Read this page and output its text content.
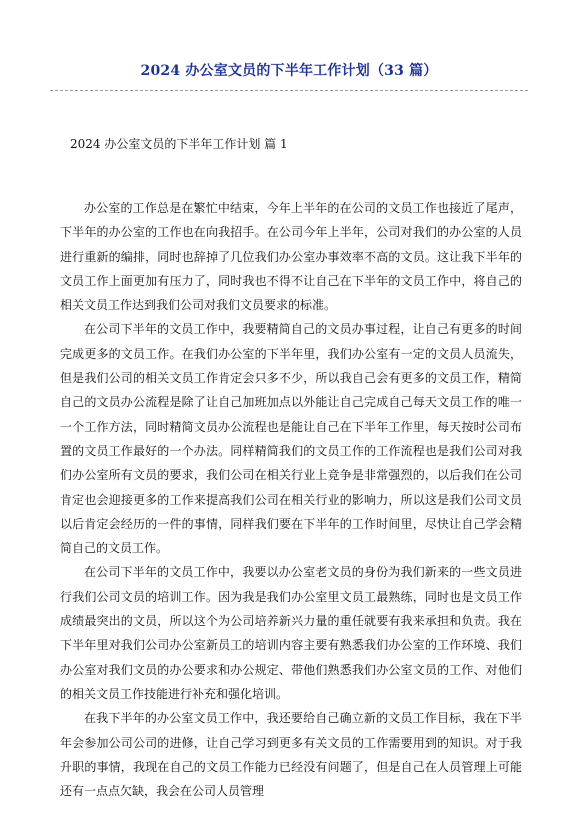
2024 办公室文员的下半年工作计划（33 篇）
2024 办公室文员的下半年工作计划 篇 1

办公室的工作总是在繁忙中结束，今年上半年的在公司的文员工作也接近了尾声，下半年的办公室的工作也在向我招手。在公司今年上半年，公司对我们的办公室的人员进行重新的编排，同时也辞掉了几位我们办公室办事效率不高的文员。这让我下半年的文员工作上面更加有压力了，同时我也不得不让自己在下半年的文员工作中，将自己的相关文员工作达到我们公司对我们文员要求的标准。

在公司下半年的文员工作中，我要精简自己的文员办事过程，让自己有更多的时间完成更多的文员工作。在我们办公室的下半年里，我们办公室有一定的文员人员流失，但是我们公司的相关文员工作肯定会只多不少，所以我自己会有更多的文员工作，精简自己的文员办公流程是除了让自己加班加点以外能让自己完成自己每天文员工作的唯一一个工作方法，同时精简文员办公流程也是能让自己在下半年工作里，每天按时公司布置的文员工作最好的一个办法。同样精简我们的文员工作的工作流程也是我们公司对我们办公室所有文员的要求，我们公司在相关行业上竞争是非常强烈的，以后我们在公司肯定也会迎接更多的工作来提高我们公司在相关行业的影响力，所以这是我们公司文员以后肯定会经历的一件的事情，同样我们要在下半年的工作时间里，尽快让自己学会精简自己的文员工作。

在公司下半年的文员工作中，我要以办公室老文员的身份为我们新来的一些文员进行我们公司文员的培训工作。因为我是我们办公室里文员工最熟练，同时也是文员工作成绩最突出的文员，所以这个为公司培养新兴力量的重任就要有我来承担和负责。我在下半年里对我们公司办公室新员工的培训内容主要有熟悉我们办公室的工作环境、我们办公室对我们文员的办公要求和办公规定、带他们熟悉我们办公室文员的工作、对他们的相关文员工作技能进行补充和强化培训。

在我下半年的办公室文员工作中，我还要给自己确立新的文员工作目标，我在下半年会参加公司公司的进修，让自己学习到更多有关文员的工作需要用到的知识。对于我升职的事情，我现在自己的文员工作能力已经没有问题了，但是自己在人员管理上可能还有一点点欠缺，我会在公司人员管理
